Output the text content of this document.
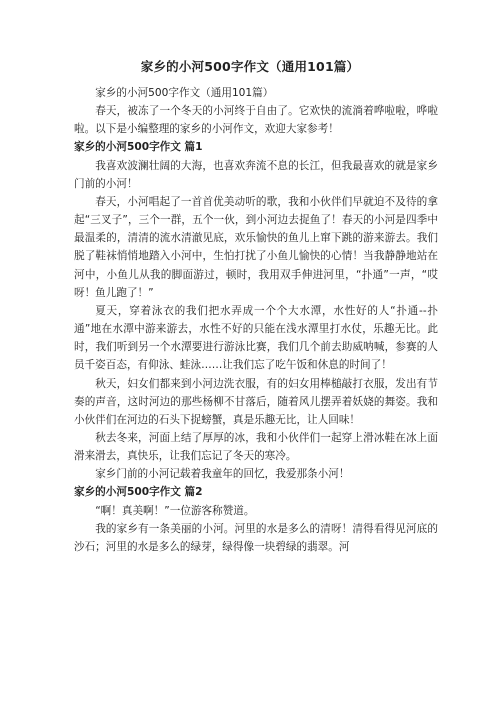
家乡的小河500字作文（通用101篇）

家乡的小河500字作文（通用101篇）

春天，被冻了一个冬天的小河终于自由了。它欢快的流淌着哗啦啦，哗啦啦。以下是小编整理的家乡的小河作文，欢迎大家参考！

家乡的小河500字作文 篇1

我喜欢波澜壮阔的大海，也喜欢奔流不息的长江，但我最喜欢的就是家乡门前的小河！

春天，小河唱起了一首首优美动听的歌，我和小伙伴们早就迫不及待的拿起“三叉子”，三个一群，五个一伙，到小河边去捉鱼了！春天的小河是四季中最温柔的，清清的流水清澈见底，欢乐愉快的鱼儿上窜下跳的游来游去。我们脱了鞋袜悄悄地踏入小河中，生怕打扰了小鱼儿愉快的心情！当我静静地站在河中，小鱼儿从我的脚面游过，顿时，我用双手伸进河里，“扑通”一声，“哎呀！鱼儿跑了！”

夏天，穿着泳衣的我们把水弄成一个个大水潭，水性好的人“扑通--扑通”地在水潭中游来游去，水性不好的只能在浅水潭里打水仗，乐趣无比。此时，我们听到另一个水潭要进行游泳比赛，我们几个前去助威呐喊，参赛的人员千姿百态，有仰泳、蛙泳……让我们忘了吃午饭和休息的时间了！

秋天，妇女们都来到小河边洗衣服，有的妇女用棒槌敲打衣服，发出有节奏的声音，这时河边的那些杨柳不甘落后，随着风儿摆弄着妖娆的舞姿。我和小伙伴们在河边的石头下捉螃蟹，真是乐趣无比，让人回味！

秋去冬来，河面上结了厚厚的冰，我和小伙伴们一起穿上滑冰鞋在冰上面滑来滑去，真快乐，让我们忘记了冬天的寒冷。

家乡门前的小河记载着我童年的回忆，我爱那条小河！

家乡的小河500字作文 篇2

“啊！真美啊！”一位游客称赞道。

我的家乡有一条美丽的小河。河里的水是多么的清呀！清得看得见河底的沙石；河里的水是多么的绿芽，绿得像一块碧绿的翡翠。河
